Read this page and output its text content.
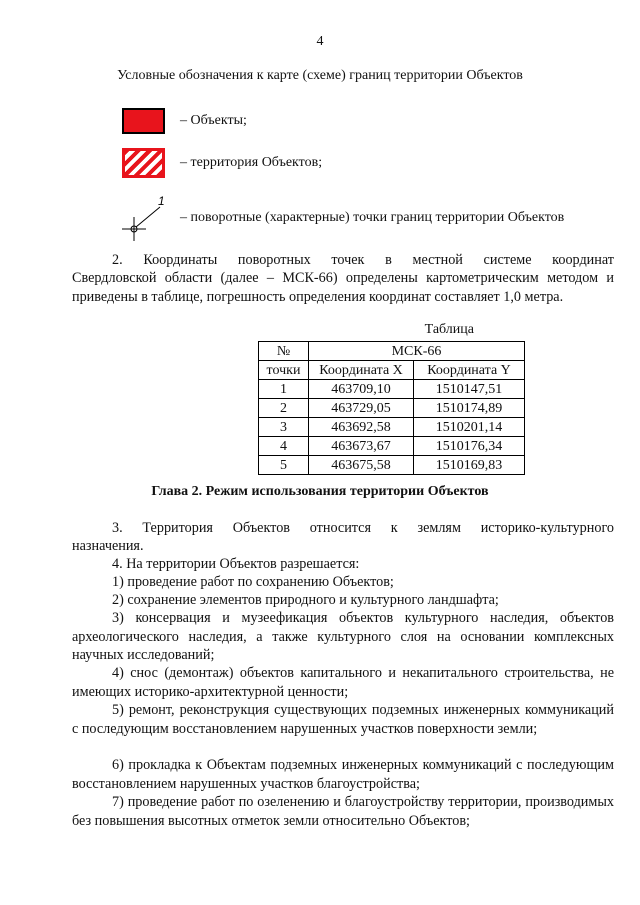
4
Условные обозначения к карте (схеме) границ территории Объектов
– Объекты;
– территория Объектов;
1
– поворотные (характерные) точки границ территории Объектов
2. Координаты поворотных точек в местной системе координат
Свердловской области (далее – МСК-66) определены картометрическим методом и приведены в таблице, погрешность определения координат составляет 1,0 метра.
Таблица
№	МСК-66	
точки	Координата X	Координата Y
1	463709,10	1510147,51
2	463729,05	1510174,89
3	463692,58	1510201,14
4	463673,67	1510176,34
5	463675,58	1510169,83
Глава 2. Режим использования территории Объектов
3. Территория Объектов относится к землям историко-культурного
назначения.
4. На территории Объектов разрешается:
1) проведение работ по сохранению Объектов;
2) сохранение элементов природного и культурного ландшафта;
3) консервация и музеефикация объектов культурного наследия, объектов археологического наследия, а также культурного слоя на основании комплексных научных исследований;
4) снос (демонтаж) объектов капитального и некапитального строительства, не имеющих историко-архитектурной ценности;
5) ремонт, реконструкция существующих подземных инженерных коммуникаций с последующим восстановлением нарушенных участков поверхности земли;
6) прокладка к Объектам подземных инженерных коммуникаций с последующим восстановлением нарушенных участков благоустройства;
7) проведение работ по озеленению и благоустройству территории, производимых без повышения высотных отметок земли относительно Объектов;
